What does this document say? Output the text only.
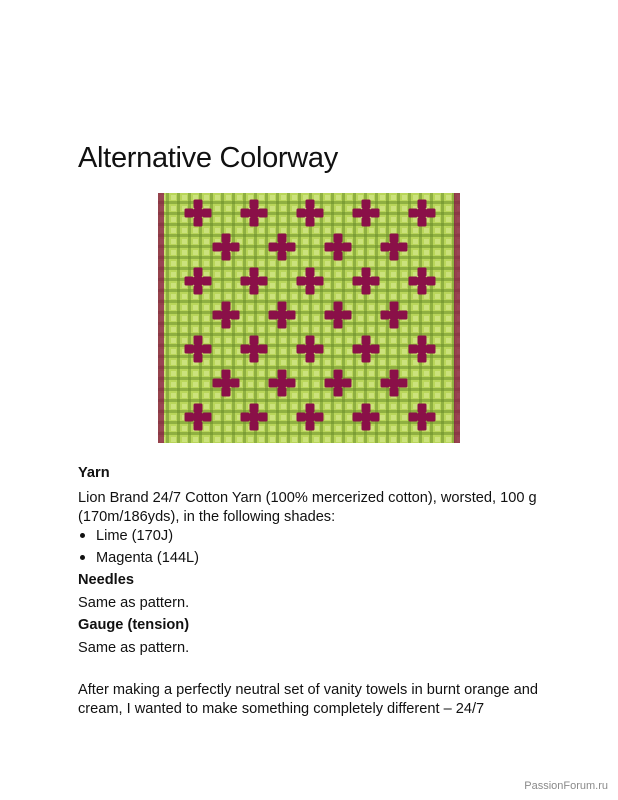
Alternative Colorway
Yarn
Lion Brand 24/7 Cotton Yarn (100% mercerized cotton), worsted, 100 g (170m/186yds), in the following shades:
Lime (170J)
Magenta (144L)
Needles
Same as pattern.
Gauge (tension)
Same as pattern.
After making a perfectly neutral set of vanity towels in burnt orange and cream, I wanted to make something completely different – 24/7
PassionForum.ru
